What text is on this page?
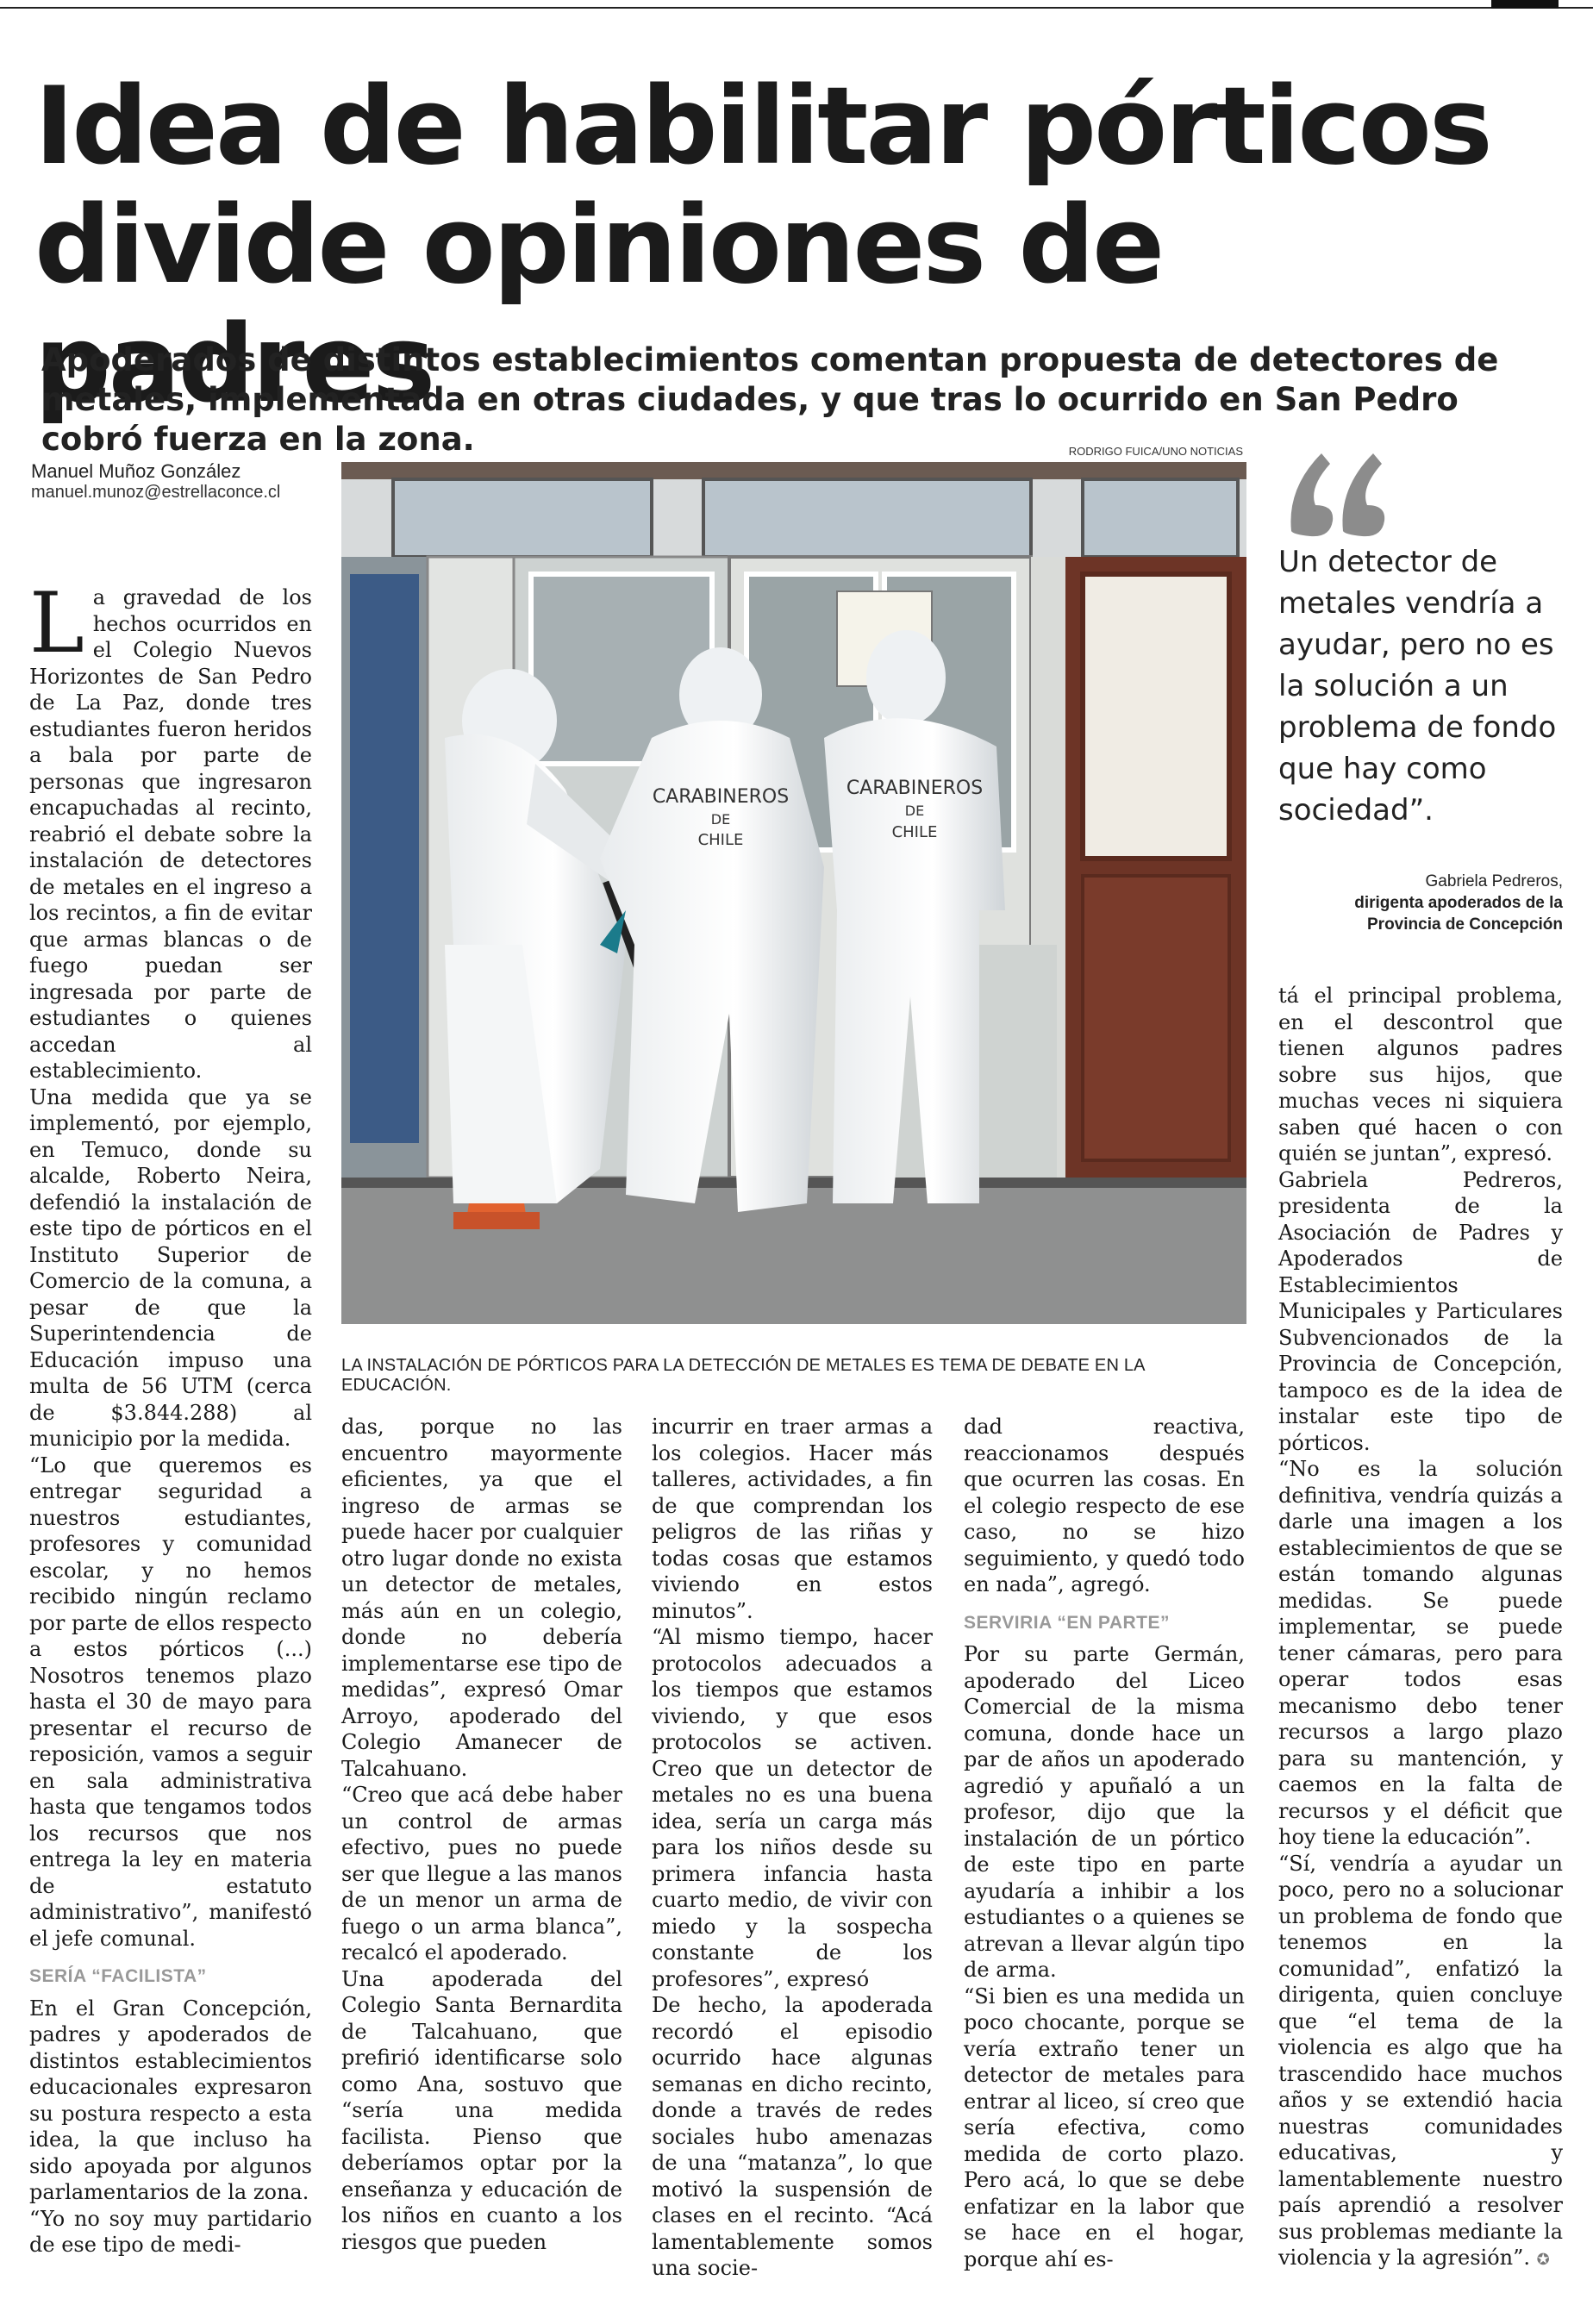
Idea de habilitar pórticos
divide opiniones de padres

Apoderados de distintos establecimientos comentan propuesta de detectores de metales, implementada en otras ciudades, y que tras lo ocurrido en San Pedro cobró fuerza en la zona.

Manuel Muñoz González
manuel.munoz@estrellaconce.cl
RODRIGO FUICA/UNO NOTICIAS
CARABINEROS
DE
CHILE
CARABINEROS
DE
CHILE
LA INSTALACIÓN DE PÓRTICOS PARA LA DETECCIÓN DE METALES ES TEMA DE DEBATE EN LA EDUCACIÓN.
Un detector de metales vendría a ayudar, pero no es la solución a un problema de fondo que hay como sociedad”.
Gabriela Pedreros,
dirigenta apoderados de la Provincia de Concepción

La gravedad de los hechos ocurridos en el Colegio Nuevos Horizontes de San Pedro de La Paz, donde tres estudiantes fueron heridos a bala por parte de personas que ingresaron encapuchadas al recinto, reabrió el debate sobre la instalación de detectores de metales en el ingreso a los recintos, a fin de evitar que armas blancas o de fuego puedan ser ingresada por parte de estudiantes o quienes accedan al establecimiento.

Una medida que ya se implementó, por ejemplo, en Temuco, donde su alcalde, Roberto Neira, defendió la instalación de este tipo de pórticos en el Instituto Superior de Comercio de la comuna, a pesar de que la Superintendencia de Educación impuso una multa de 56 UTM (cerca de $3.844.288) al municipio por la medida.

“Lo que queremos es entregar seguridad a nuestros estudiantes, profesores y comunidad escolar, y no hemos recibido ningún reclamo por parte de ellos respecto a estos pórticos (...) Nosotros tenemos plazo hasta el 30 de mayo para presentar el recurso de reposición, vamos a seguir en sala administrativa hasta que tengamos todos los recursos que nos entrega la ley en materia de estatuto administrativo”, manifestó el jefe comunal.

SERÍA “FACILISTA”

En el Gran Concepción, padres y apoderados de distintos establecimientos educacionales expresaron su postura respecto a esta idea, la que incluso ha sido apoyada por algunos parlamentarios de la zona.

“Yo no soy muy partidario de ese tipo de medi-

das, porque no las encuentro mayormente eficientes, ya que el ingreso de armas se puede hacer por cualquier otro lugar donde no exista un detector de metales, más aún en un colegio, donde no debería implementarse ese tipo de medidas”, expresó Omar Arroyo, apoderado del Colegio Amanecer de Talcahuano.

“Creo que acá debe haber un control de armas efectivo, pues no puede ser que llegue a las manos de un menor un arma de fuego o un arma blanca”, recalcó el apoderado.

Una apoderada del Colegio Santa Bernardita de Talcahuano, que prefirió identificarse solo como Ana, sostuvo que “sería una medida facilista. Pienso que deberíamos optar por la enseñanza y educación de los niños en cuanto a los riesgos que pueden

incurrir en traer armas a los colegios. Hacer más talleres, actividades, a fin de que comprendan los peligros de las riñas y todas cosas que estamos viviendo en estos minutos”.

“Al mismo tiempo, hacer protocolos adecuados a los tiempos que estamos viviendo, y que esos protocolos se activen. Creo que un detector de metales no es una buena idea, sería un carga más para los niños desde su primera infancia hasta cuarto medio, de vivir con miedo y la sospecha constante de los profesores”, expresó

De hecho, la apoderada recordó el episodio ocurrido hace algunas semanas en dicho recinto, donde a través de redes sociales hubo amenazas de una “matanza”, lo que motivó la suspensión de clases en el recinto. “Acá lamentablemente somos una socie-

dad reactiva, reaccionamos después que ocurren las cosas. En el colegio respecto de ese caso, no se hizo seguimiento, y quedó todo en nada”, agregó.

SERVIRIA “EN PARTE”

Por su parte Germán, apoderado del Liceo Comercial de la misma comuna, donde hace un par de años un apoderado agredió y apuñaló a un profesor, dijo que la instalación de un pórtico de este tipo en parte ayudaría a inhibir a los estudiantes o a quienes se atrevan a llevar algún tipo de arma.

“Si bien es una medida un poco chocante, porque se vería extraño tener un detector de metales para entrar al liceo, sí creo que sería efectiva, como medida de corto plazo. Pero acá, lo que se debe enfatizar en la labor que se hace en el hogar, porque ahí es-

tá el principal problema, en el descontrol que tienen algunos padres sobre sus hijos, que muchas veces ni siquiera saben qué hacen o con quién se juntan”, expresó.

Gabriela Pedreros, presidenta de la Asociación de Padres y Apoderados de Establecimientos Municipales y Particulares Subvencionados de la Provincia de Concepción, tampoco es de la idea de instalar este tipo de pórticos.

“No es la solución definitiva, vendría quizás a darle una imagen a los establecimientos de que se están tomando algunas medidas. Se puede implementar, se puede tener cámaras, pero para operar todos esas mecanismo debo tener recursos a largo plazo para su mantención, y caemos en la falta de recursos y el déficit que hoy tiene la educación”.

“Sí, vendría a ayudar un poco, pero no a solucionar un problema de fondo que tenemos en la comunidad”, enfatizó la dirigenta, quien concluye que “el tema de la violencia es algo que ha trascendido hace muchos años y se extendió hacia nuestras comunidades educativas, y lamentablemente nuestro país aprendió a resolver sus problemas mediante la violencia y la agresión”. ✪
